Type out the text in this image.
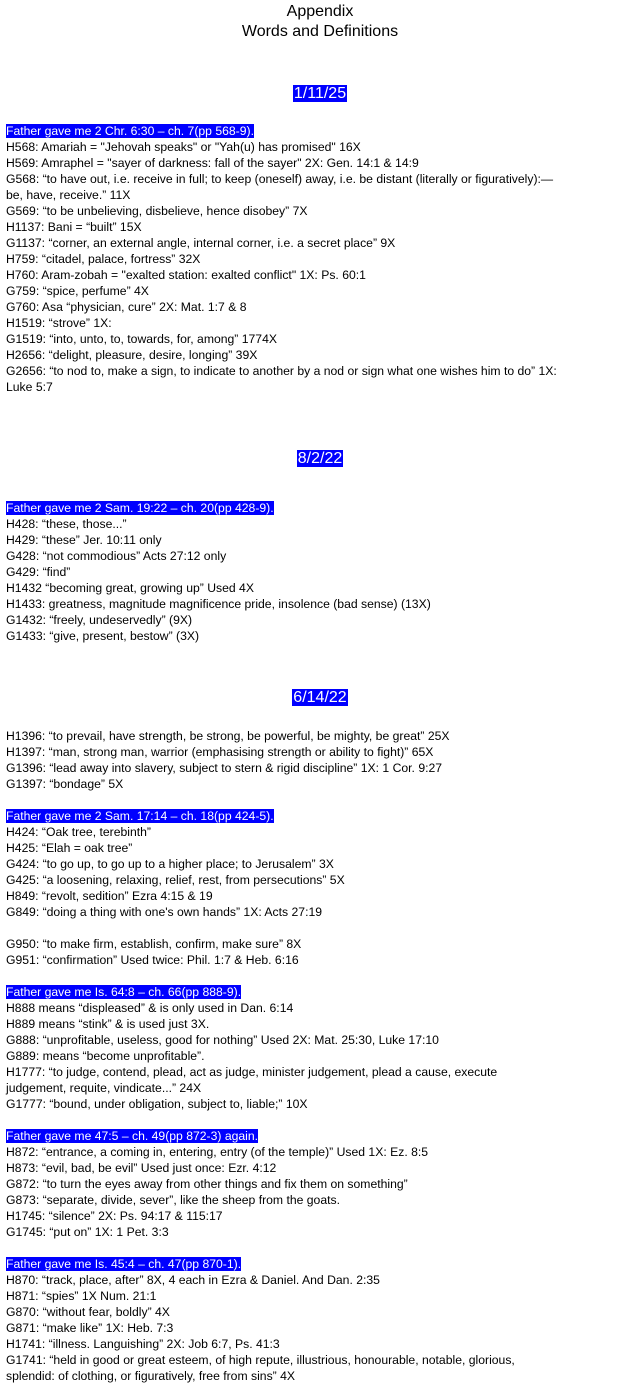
Appendix
Words and Definitions
1/11/25
Father gave me 2 Chr. 6:30 – ch. 7(pp 568-9).
H568: Amariah = "Jehovah speaks" or "Yah(u) has promised" 16X
H569: Amraphel = "sayer of darkness: fall of the sayer" 2X: Gen. 14:1 & 14:9
G568: “to have out, i.e. receive in full; to keep (oneself) away, i.e. be distant (literally or figuratively):—
be, have, receive.” 11X
G569: “to be unbelieving, disbelieve, hence disobey” 7X
H1137: Bani = “built” 15X
G1137: “corner, an external angle, internal corner, i.e. a secret place” 9X
H759: “citadel, palace, fortress” 32X
H760: Aram-zobah = "exalted station: exalted conflict" 1X: Ps. 60:1
G759: “spice, perfume” 4X
G760: Asa “physician, cure” 2X: Mat. 1:7 & 8
H1519: “strove” 1X:
G1519: “into, unto, to, towards, for, among” 1774X
H2656: “delight, pleasure, desire, longing” 39X
G2656: “to nod to, make a sign, to indicate to another by a nod or sign what one wishes him to do” 1X:
Luke 5:7
8/2/22
Father gave me 2 Sam. 19:22 – ch. 20(pp 428-9).
H428: “these, those...”
H429: “these” Jer. 10:11 only
G428: “not commodious” Acts 27:12 only
G429: “find”
H1432 “becoming great, growing up” Used 4X
H1433: greatness, magnitude magnificence pride, insolence (bad sense) (13X)
G1432: “freely, undeservedly” (9X)
G1433: “give, present, bestow” (3X)
6/14/22
H1396: “to prevail, have strength, be strong, be powerful, be mighty, be great” 25X
H1397: “man, strong man, warrior (emphasising strength or ability to fight)” 65X
G1396: “lead away into slavery, subject to stern & rigid discipline” 1X: 1 Cor. 9:27
G1397: “bondage” 5X
Father gave me 2 Sam. 17:14 – ch. 18(pp 424-5).
H424: “Oak tree, terebinth”
H425: “Elah = oak tree”
G424: “to go up, to go up to a higher place; to Jerusalem” 3X
G425: “a loosening, relaxing, relief, rest, from persecutions” 5X
H849: “revolt, sedition” Ezra 4:15 & 19
G849: “doing a thing with one's own hands” 1X: Acts 27:19
G950: “to make firm, establish, confirm, make sure” 8X
G951: “confirmation” Used twice: Phil. 1:7 & Heb. 6:16
Father gave me Is. 64:8 – ch. 66(pp 888-9).
H888 means “displeased” & is only used in Dan. 6:14
H889 means “stink” & is used just 3X.
G888: “unprofitable, useless, good for nothing” Used 2X: Mat. 25:30, Luke 17:10
G889: means “become unprofitable”.
H1777: “to judge, contend, plead, act as judge, minister judgement, plead a cause, execute
judgement, requite, vindicate...” 24X
G1777: “bound, under obligation, subject to, liable;” 10X
Father gave me 47:5 – ch. 49(pp 872-3) again.
H872: “entrance, a coming in, entering, entry (of the temple)” Used 1X: Ez. 8:5
H873: “evil, bad, be evil” Used just once: Ezr. 4:12
G872: “to turn the eyes away from other things and fix them on something”
G873: “separate, divide, sever”, like the sheep from the goats.
H1745: “silence” 2X: Ps. 94:17 & 115:17
G1745: “put on” 1X: 1 Pet. 3:3
Father gave me Is. 45:4 – ch. 47(pp 870-1).
H870: “track, place, after” 8X, 4 each in Ezra & Daniel. And Dan. 2:35
H871: “spies” 1X Num. 21:1
G870: “without fear, boldly” 4X
G871: “make like” 1X: Heb. 7:3
H1741: “illness. Languishing” 2X: Job 6:7, Ps. 41:3
G1741: “held in good or great esteem, of high repute, illustrious, honourable, notable, glorious,
splendid: of clothing, or figuratively, free from sins” 4X
